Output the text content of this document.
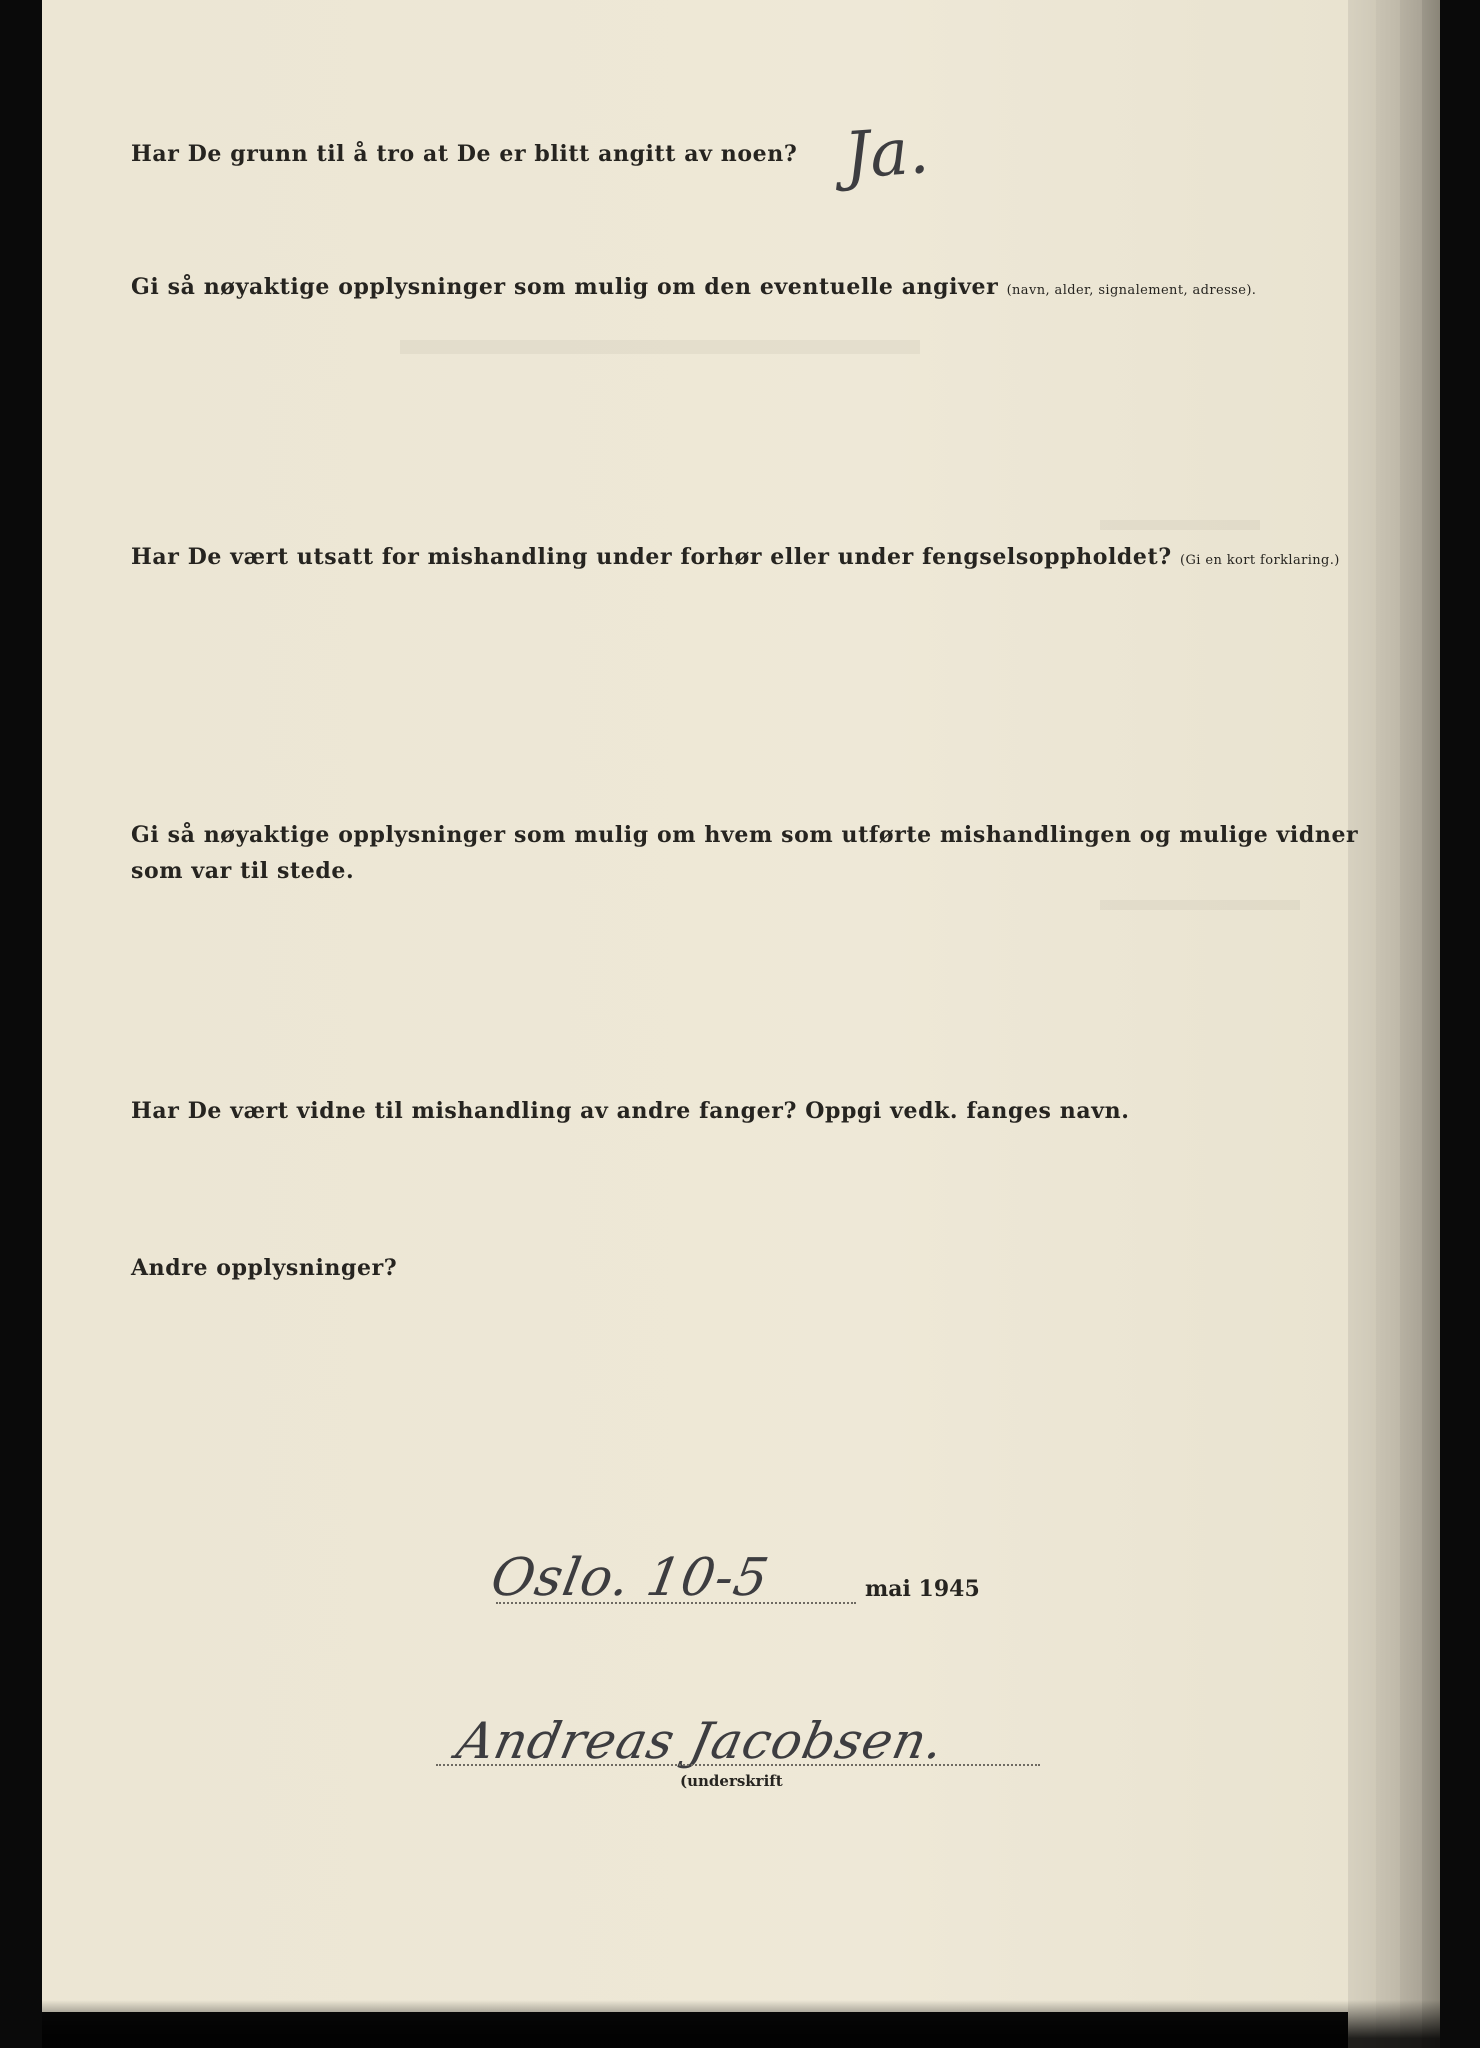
Har De grunn til å tro at De er blitt angitt av noen? Ja.
Gi så nøyaktige opplysninger som mulig om den eventuelle angiver (navn, alder, signalement, adresse).
Har De vært utsatt for mishandling under forhør eller under fengselsoppholdet? (Gi en kort forklaring.)
Gi så nøyaktige opplysninger som mulig om hvem som utførte mishandlingen og mulige vidner
som var til stede.
Har De vært vidne til mishandling av andre fanger? Oppgi vedk. fanges navn.
Andre opplysninger?
Oslo. 10-5	mai 1945
Andreas Jacobsen.
(underskrift
